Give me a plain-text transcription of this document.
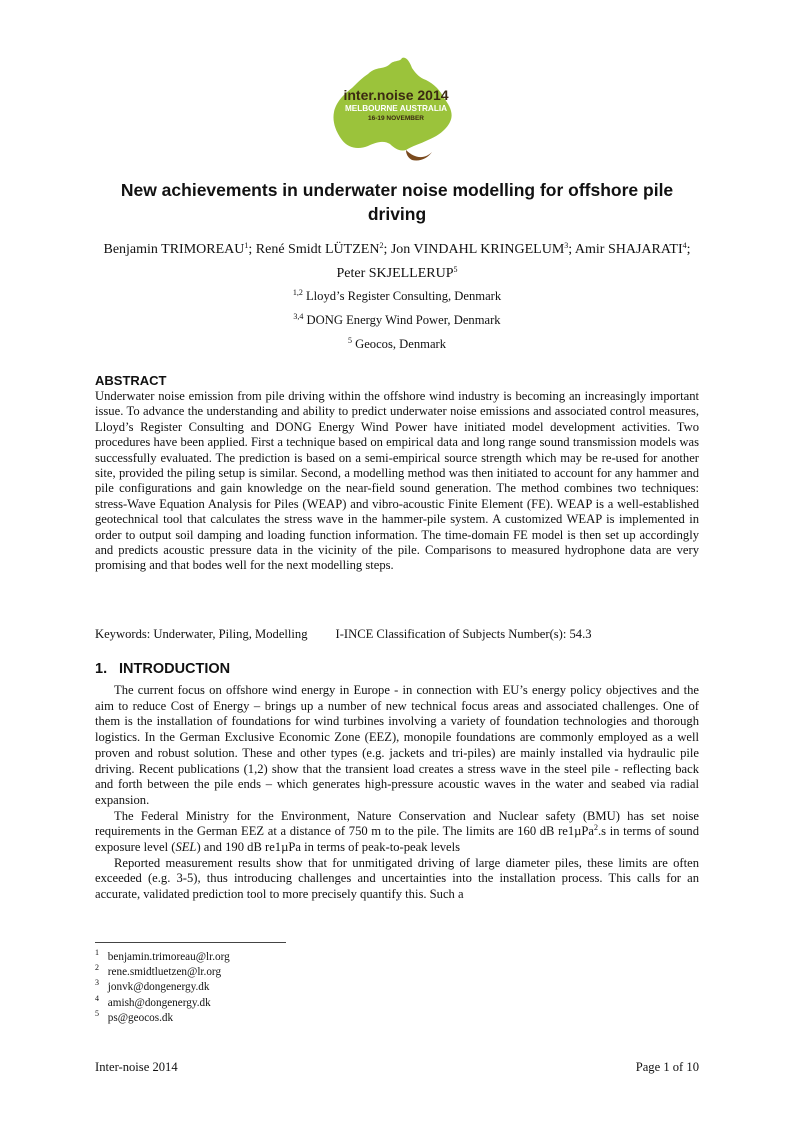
inter.noise 2014
MELBOURNE AUSTRALIA
16-19 NOVEMBER
New achievements in underwater noise modelling for offshore pile driving
Benjamin TRIMOREAU$^1$; René Smidt LÜTZEN$^2$; Jon VINDAHL KRINGELUM$^3$; Amir SHAJARATI$^4$; Peter SKJELLERUP$^5$
$^{1,2}$ Lloyd’s Register Consulting, Denmark
$^{3,4}$ DONG Energy Wind Power, Denmark
$^5$ Geocos, Denmark
ABSTRACT

Underwater noise emission from pile driving within the offshore wind industry is becoming an increasingly important issue. To advance the understanding and ability to predict underwater noise emissions and associated control measures, Lloyd’s Register Consulting and DONG Energy Wind Power have initiated model development activities. Two procedures have been applied. First a technique based on empirical data and long range sound transmission models was successfully evaluated. The prediction is based on a semi-empirical source strength which may be re-used for another site, provided the piling setup is similar. Second, a modelling method was then initiated to account for any hammer and pile configurations and gain knowledge on the near-field sound generation. The method combines two techniques: stress-Wave Equation Analysis for Piles (WEAP) and vibro-acoustic Finite Element (FE). WEAP is a well-established geotechnical tool that calculates the stress wave in the hammer-pile system. A customized WEAP is implemented in order to output soil damping and loading function information. The time-domain FE model is then set up accordingly and predicts acoustic pressure data in the vicinity of the pile. Comparisons to measured hydrophone data are very promising and that bodes well for the next modelling steps.

Keywords: Underwater, Piling, Modelling I-INCE Classification of Subjects Number(s): 54.3
1. INTRODUCTION

The current focus on offshore wind energy in Europe - in connection with EU’s energy policy objectives and the aim to reduce Cost of Energy – brings up a number of new technical focus areas and associated challenges. One of them is the installation of foundations for wind turbines involving a variety of foundation technologies and thorough logistics. In the German Exclusive Economic Zone (EEZ), monopile foundations are commonly employed as a well proven and robust solution. These and other types (e.g. jackets and tri-piles) are mainly installed via hydraulic pile driving. Recent publications (1,2) show that the transient load creates a stress wave in the steel pile - reflecting back and forth between the pile ends – which generates high-pressure acoustic waves in the water and seabed via radial expansion.

The Federal Ministry for the Environment, Nature Conservation and Nuclear safety (BMU) has set noise requirements in the German EEZ at a distance of 750 m to the pile. The limits are 160 dB re1µPa$^2$.s in terms of sound exposure level (SEL) and 190 dB re1µPa in terms of peak-to-peak levels

Reported measurement results show that for unmitigated driving of large diameter piles, these limits are often exceeded (e.g. 3-5), thus introducing challenges and uncertainties into the installation process. This calls for an accurate, validated prediction tool to more precisely quantify this. Such a

$^1$ benjamin.trimoreau@lr.org
$^2$ rene.smidtluetzen@lr.org
$^3$ jonvk@dongenergy.dk
$^4$ amish@dongenergy.dk
$^5$ ps@geocos.dk
Inter-noise 2014	Page 1 of 10
